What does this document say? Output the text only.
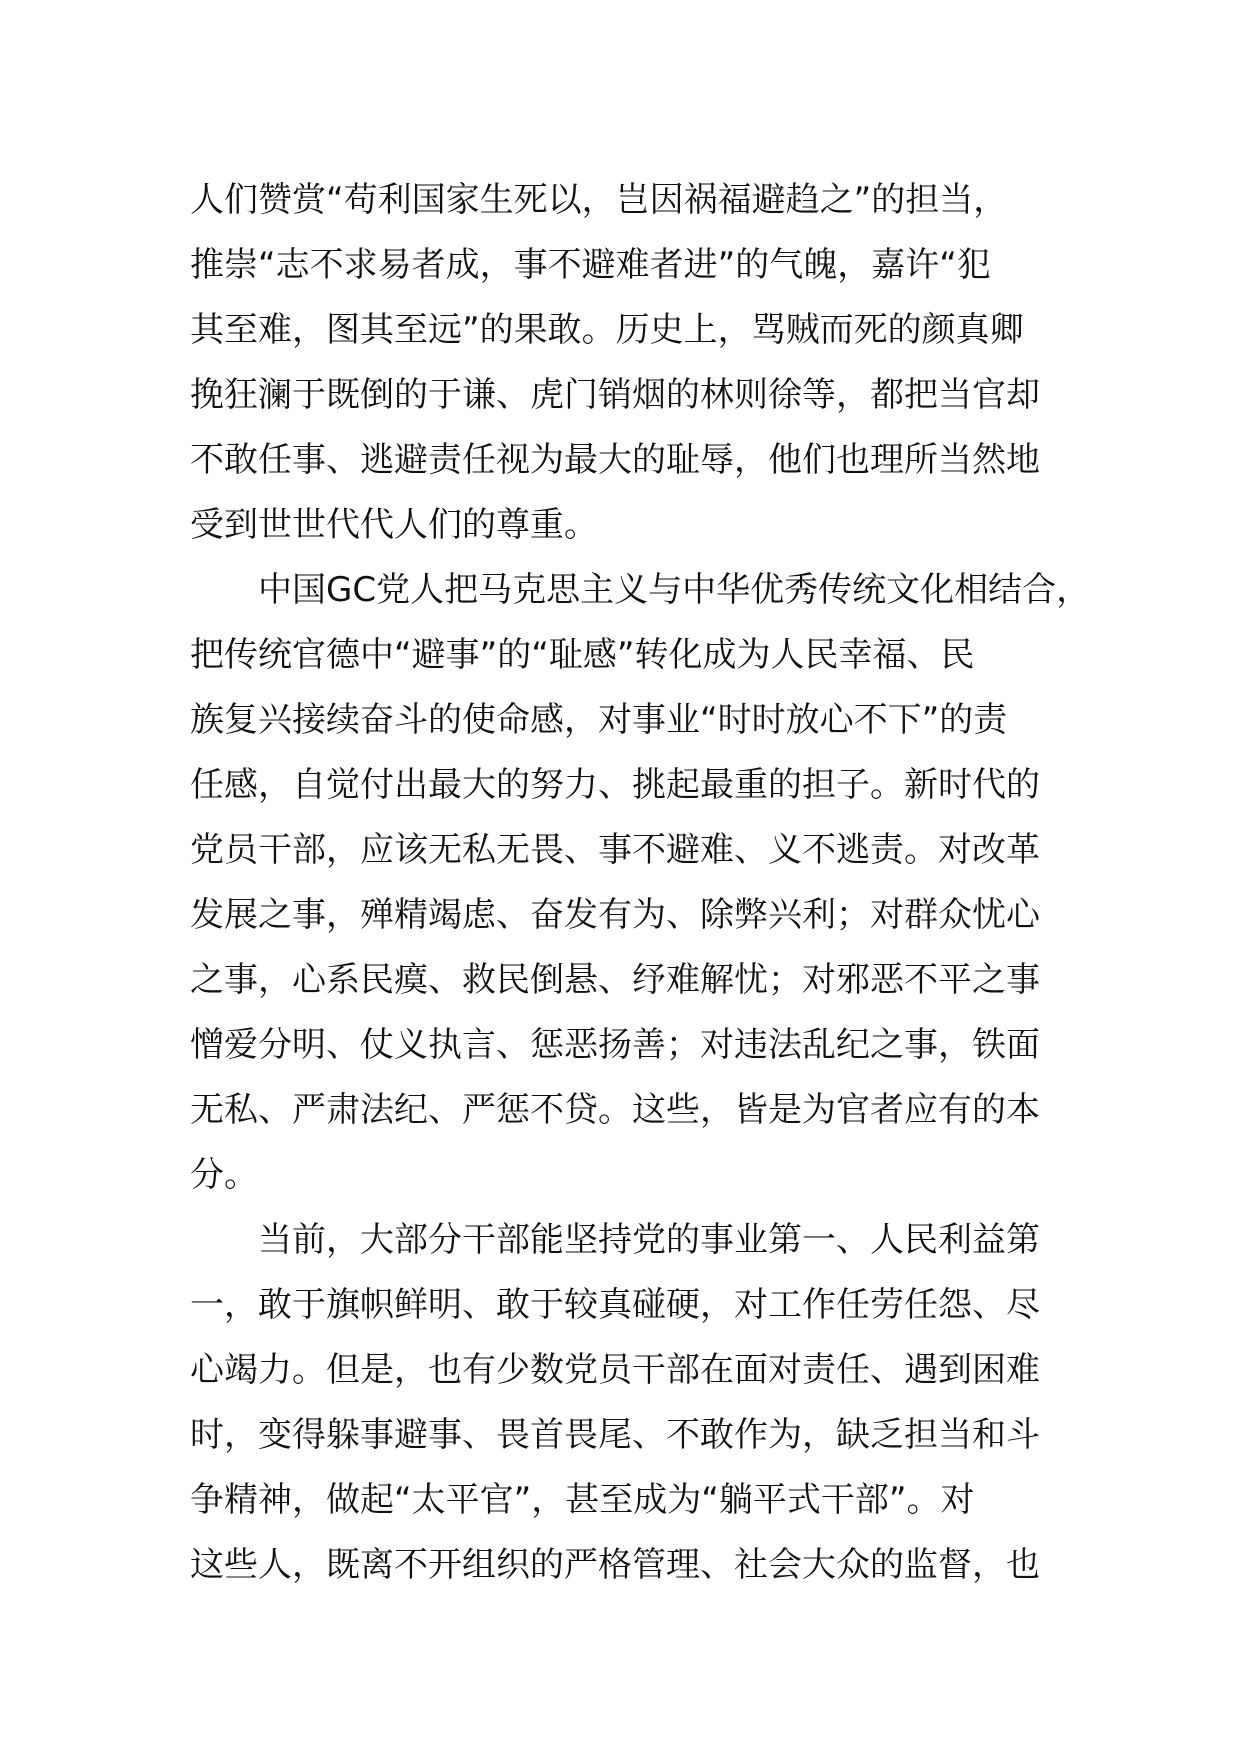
人们赞赏“苟利国家生死以，岂因祸福避趋之”的担当，
推崇“志不求易者成，事不避难者进”的气魄，嘉许“犯
其至难，图其至远”的果敢。历史上，骂贼而死的颜真卿
挽狂澜于既倒的于谦、虎门销烟的林则徐等，都把当官却
不敢任事、逃避责任视为最大的耻辱，他们也理所当然地
受到世世代代人们的尊重。
中国GC党人把马克思主义与中华优秀传统文化相结合，
把传统官德中“避事”的“耻感”转化成为人民幸福、民
族复兴接续奋斗的使命感，对事业“时时放心不下”的责
任感，自觉付出最大的努力、挑起最重的担子。新时代的
党员干部，应该无私无畏、事不避难、义不逃责。对改革
发展之事，殚精竭虑、奋发有为、除弊兴利；对群众忧心
之事，心系民瘼、救民倒悬、纾难解忧；对邪恶不平之事
憎爱分明、仗义执言、惩恶扬善；对违法乱纪之事，铁面
无私、严肃法纪、严惩不贷。这些，皆是为官者应有的本
分。
当前，大部分干部能坚持党的事业第一、人民利益第
一，敢于旗帜鲜明、敢于较真碰硬，对工作任劳任怨、尽
心竭力。但是，也有少数党员干部在面对责任、遇到困难
时，变得躲事避事、畏首畏尾、不敢作为，缺乏担当和斗
争精神，做起“太平官”，甚至成为“躺平式干部”。对
这些人，既离不开组织的严格管理、社会大众的监督，也
